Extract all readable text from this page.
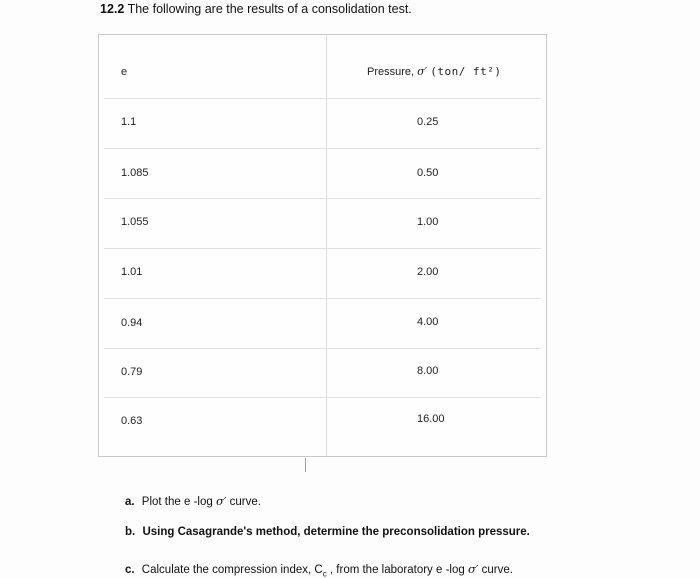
12.2 The following are the results of a consolidation test.
e	Pressure, σ′ (ton/ ft²)
1.1	0.25
1.085	0.50
1.055	1.00
1.01	2.00
0.94	4.00
0.79	8.00
0.63	16.00
a. Plot the e -log σ′ curve.
b. Using Casagrande's method, determine the preconsolidation pressure.
c. Calculate the compression index, $C_c$ , from the laboratory e -log σ′ curve.
